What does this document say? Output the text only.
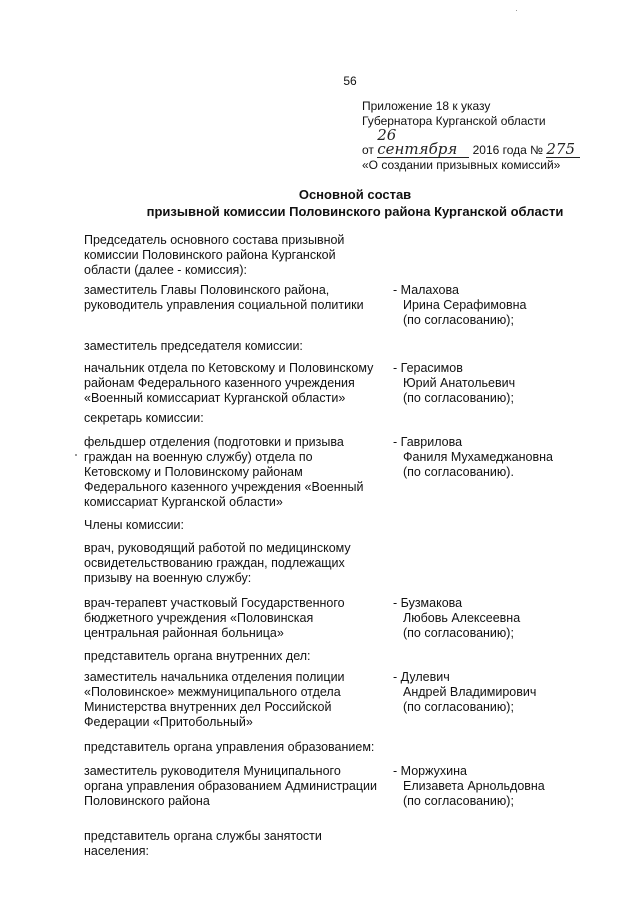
56
Приложение 18 к указу
Губернатора Курганской области
от 26 сентября 2016 года № 275
«О создании призывных комиссий»
Основной состав
призывной комиссии Половинского района Курганской области
Председатель основного состава призывной
комиссии Половинского района Курганской
области (далее - комиссия):
заместитель Главы Половинского района,
руководитель управления социальной политики
- Малахова
Ирина Серафимовна
(по согласованию);
заместитель председателя комиссии:
начальник отдела по Кетовскому и Половинскому
районам Федерального казенного учреждения
«Военный комиссариат Курганской области»
- Герасимов
Юрий Анатольевич
(по согласованию);
секретарь комиссии:
фельдшер отделения (подготовки и призыва
граждан на военную службу) отдела по
Кетовскому и Половинскому районам
Федерального казенного учреждения «Военный
комиссариат Курганской области»
- Гаврилова
Фаниля Мухамеджановна
(по согласованию).
Члены комиссии:
врач, руководящий работой по медицинскому
освидетельствованию граждан, подлежащих
призыву на военную службу:
врач-терапевт участковый Государственного
бюджетного учреждения «Половинская
центральная районная больница»
- Бузмакова
Любовь Алексеевна
(по согласованию);
представитель органа внутренних дел:
заместитель начальника отделения полиции
«Половинское» межмуниципального отдела
Министерства внутренних дел Российской
Федерации «Притобольный»
- Дулевич
Андрей Владимирович
(по согласованию);
представитель органа управления образованием:
заместитель руководителя Муниципального
органа управления образованием Администрации
Половинского района
- Моржухина
Елизавета Арнольдовна
(по согласованию);
представитель органа службы занятости
населения:
